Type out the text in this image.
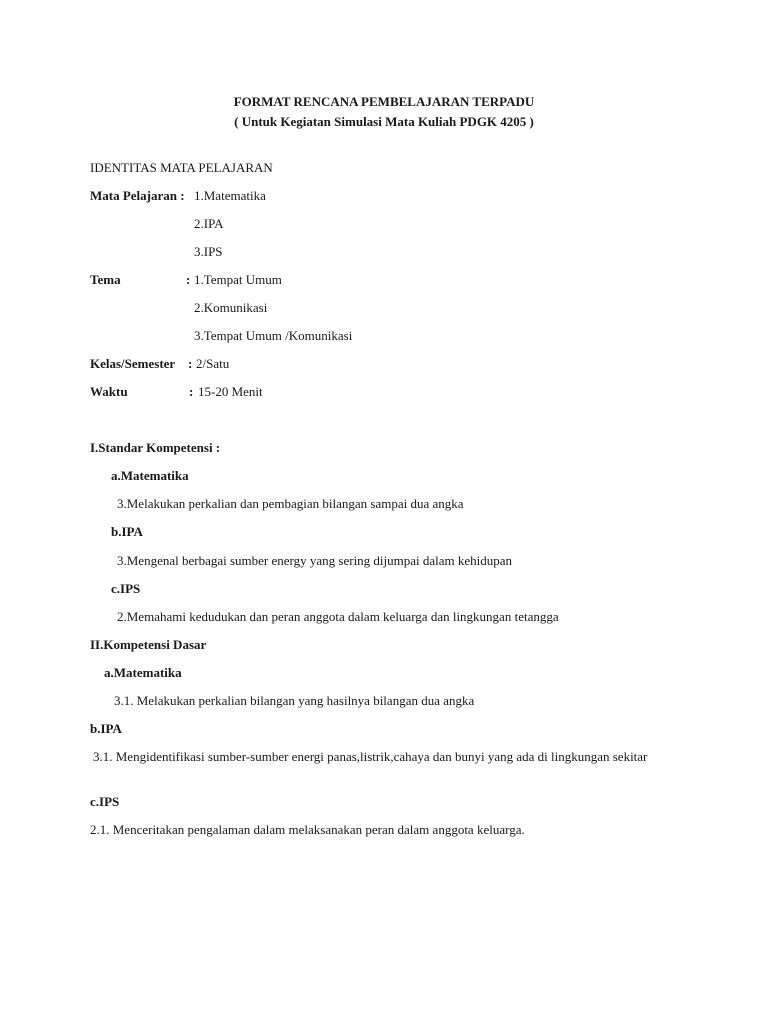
FORMAT RENCANA PEMBELAJARAN TERPADU
( Untuk Kegiatan Simulasi Mata Kuliah PDGK 4205 )
IDENTITAS MATA PELAJARAN
Mata Pelajaran : 1.Matematika
2.IPA
3.IPS
Tema	: 1.Tempat Umum
2.Komunikasi
3.Tempat Umum /Komunikasi
Kelas/Semester : 2/Satu
Waktu	: 15-20 Menit
I.Standar Kompetensi :
a.Matematika
3.Melakukan perkalian dan pembagian bilangan sampai dua angka
b.IPA
3.Mengenal berbagai sumber energy yang sering dijumpai dalam kehidupan
c.IPS
2.Memahami kedudukan dan peran anggota dalam keluarga dan lingkungan tetangga
II.Kompetensi Dasar
a.Matematika
3.1. Melakukan perkalian bilangan yang hasilnya bilangan dua angka
b.IPA
3.1. Mengidentifikasi sumber-sumber energi panas,listrik,cahaya dan bunyi yang ada di lingkungan sekitar
c.IPS
2.1. Menceritakan pengalaman dalam melaksanakan peran dalam anggota keluarga.
